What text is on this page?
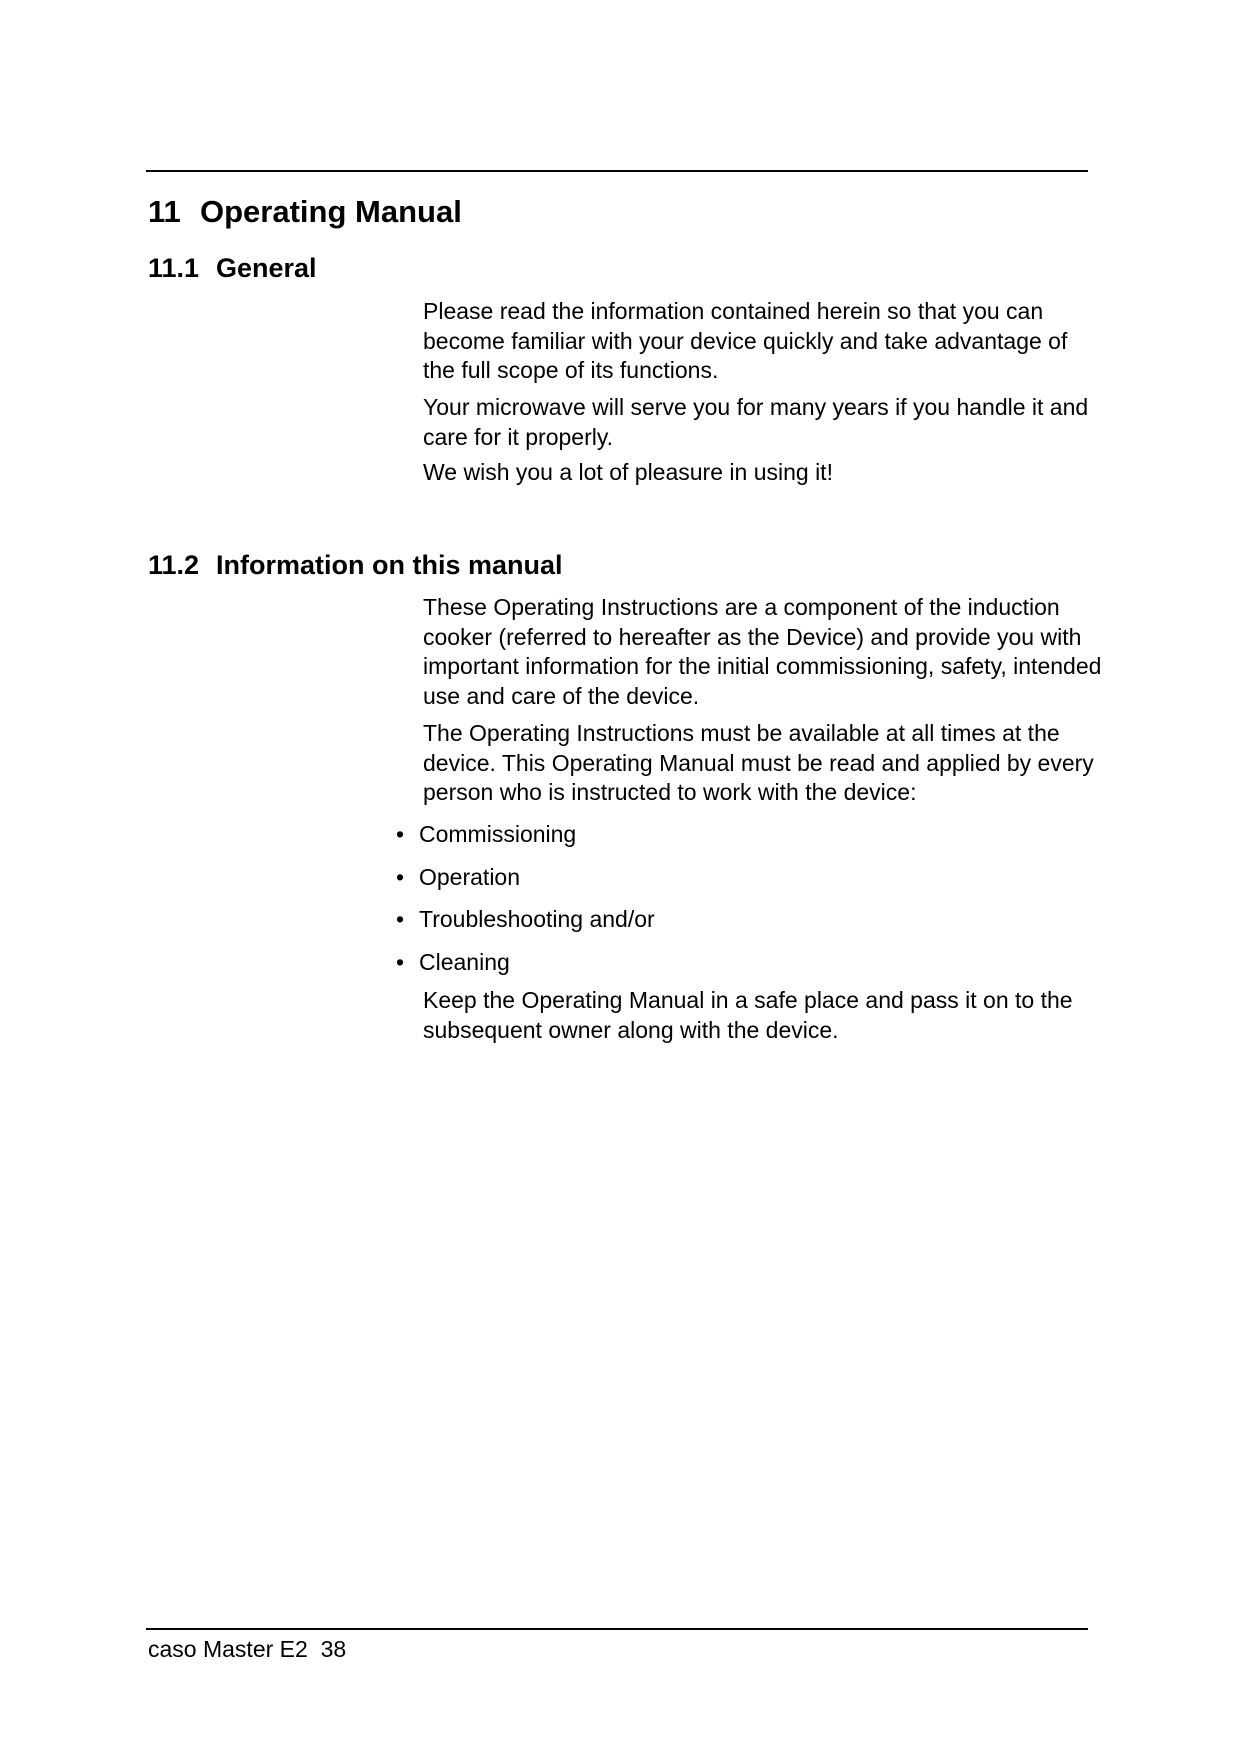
11 Operating Manual
11.1 General

Please read the information contained herein so that you can become familiar with your device quickly and take advantage of the full scope of its functions.

Your microwave will serve you for many years if you handle it and care for it properly.

We wish you a lot of pleasure in using it!

11.2 Information on this manual

These Operating Instructions are a component of the induction cooker (referred to hereafter as the Device) and provide you with important information for the initial commissioning, safety, intended use and care of the device.

The Operating Instructions must be available at all times at the device. This Operating Manual must be read and applied by every person who is instructed to work with the device:

• Commissioning
• Operation
• Troubleshooting and/or
• Cleaning

Keep the Operating Manual in a safe place and pass it on to the subsequent owner along with the device.

caso Master E2 38
